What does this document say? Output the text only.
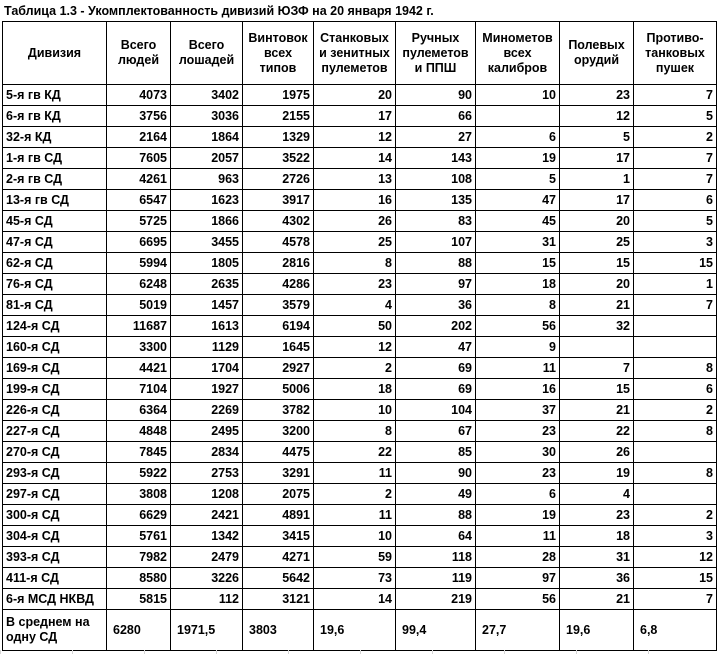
Таблица 1.3 - Укомплектованность дивизий ЮЗФ на 20 января 1942 г.
Дивизия	Всего людей	Всего лошадей	Винтовок всех типов	Станковых и зенитных пулеметов	Ручных пулеметов и ППШ	Минометов всех калибров	Полевых орудий	Противо-танковых пушек
5-я гв КД	4073	3402	1975	20	90	10	23	7
6-я гв КД	3756	3036	2155	17	66		12	5
32-я КД	2164	1864	1329	12	27	6	5	2
1-я гв СД	7605	2057	3522	14	143	19	17	7
2-я гв СД	4261	963	2726	13	108	5	1	7
13-я гв СД	6547	1623	3917	16	135	47	17	6
45-я СД	5725	1866	4302	26	83	45	20	5
47-я СД	6695	3455	4578	25	107	31	25	3
62-я СД	5994	1805	2816	8	88	15	15	15
76-я СД	6248	2635	4286	23	97	18	20	1
81-я СД	5019	1457	3579	4	36	8	21	7
124-я СД	11687	1613	6194	50	202	56	32	
160-я СД	3300	1129	1645	12	47	9		
169-я СД	4421	1704	2927	2	69	11	7	8
199-я СД	7104	1927	5006	18	69	16	15	6
226-я СД	6364	2269	3782	10	104	37	21	2
227-я СД	4848	2495	3200	8	67	23	22	8
270-я СД	7845	2834	4475	22	85	30	26	
293-я СД	5922	2753	3291	11	90	23	19	8
297-я СД	3808	1208	2075	2	49	6	4	
300-я СД	6629	2421	4891	11	88	19	23	2
304-я СД	5761	1342	3415	10	64	11	18	3
393-я СД	7982	2479	4271	59	118	28	31	12
411-я СД	8580	3226	5642	73	119	97	36	15
6-я МСД НКВД	5815	112	3121	14	219	56	21	7
В среднем на одну СД	6280	1971,5	3803	19,6	99,4	27,7	19,6	6,8
